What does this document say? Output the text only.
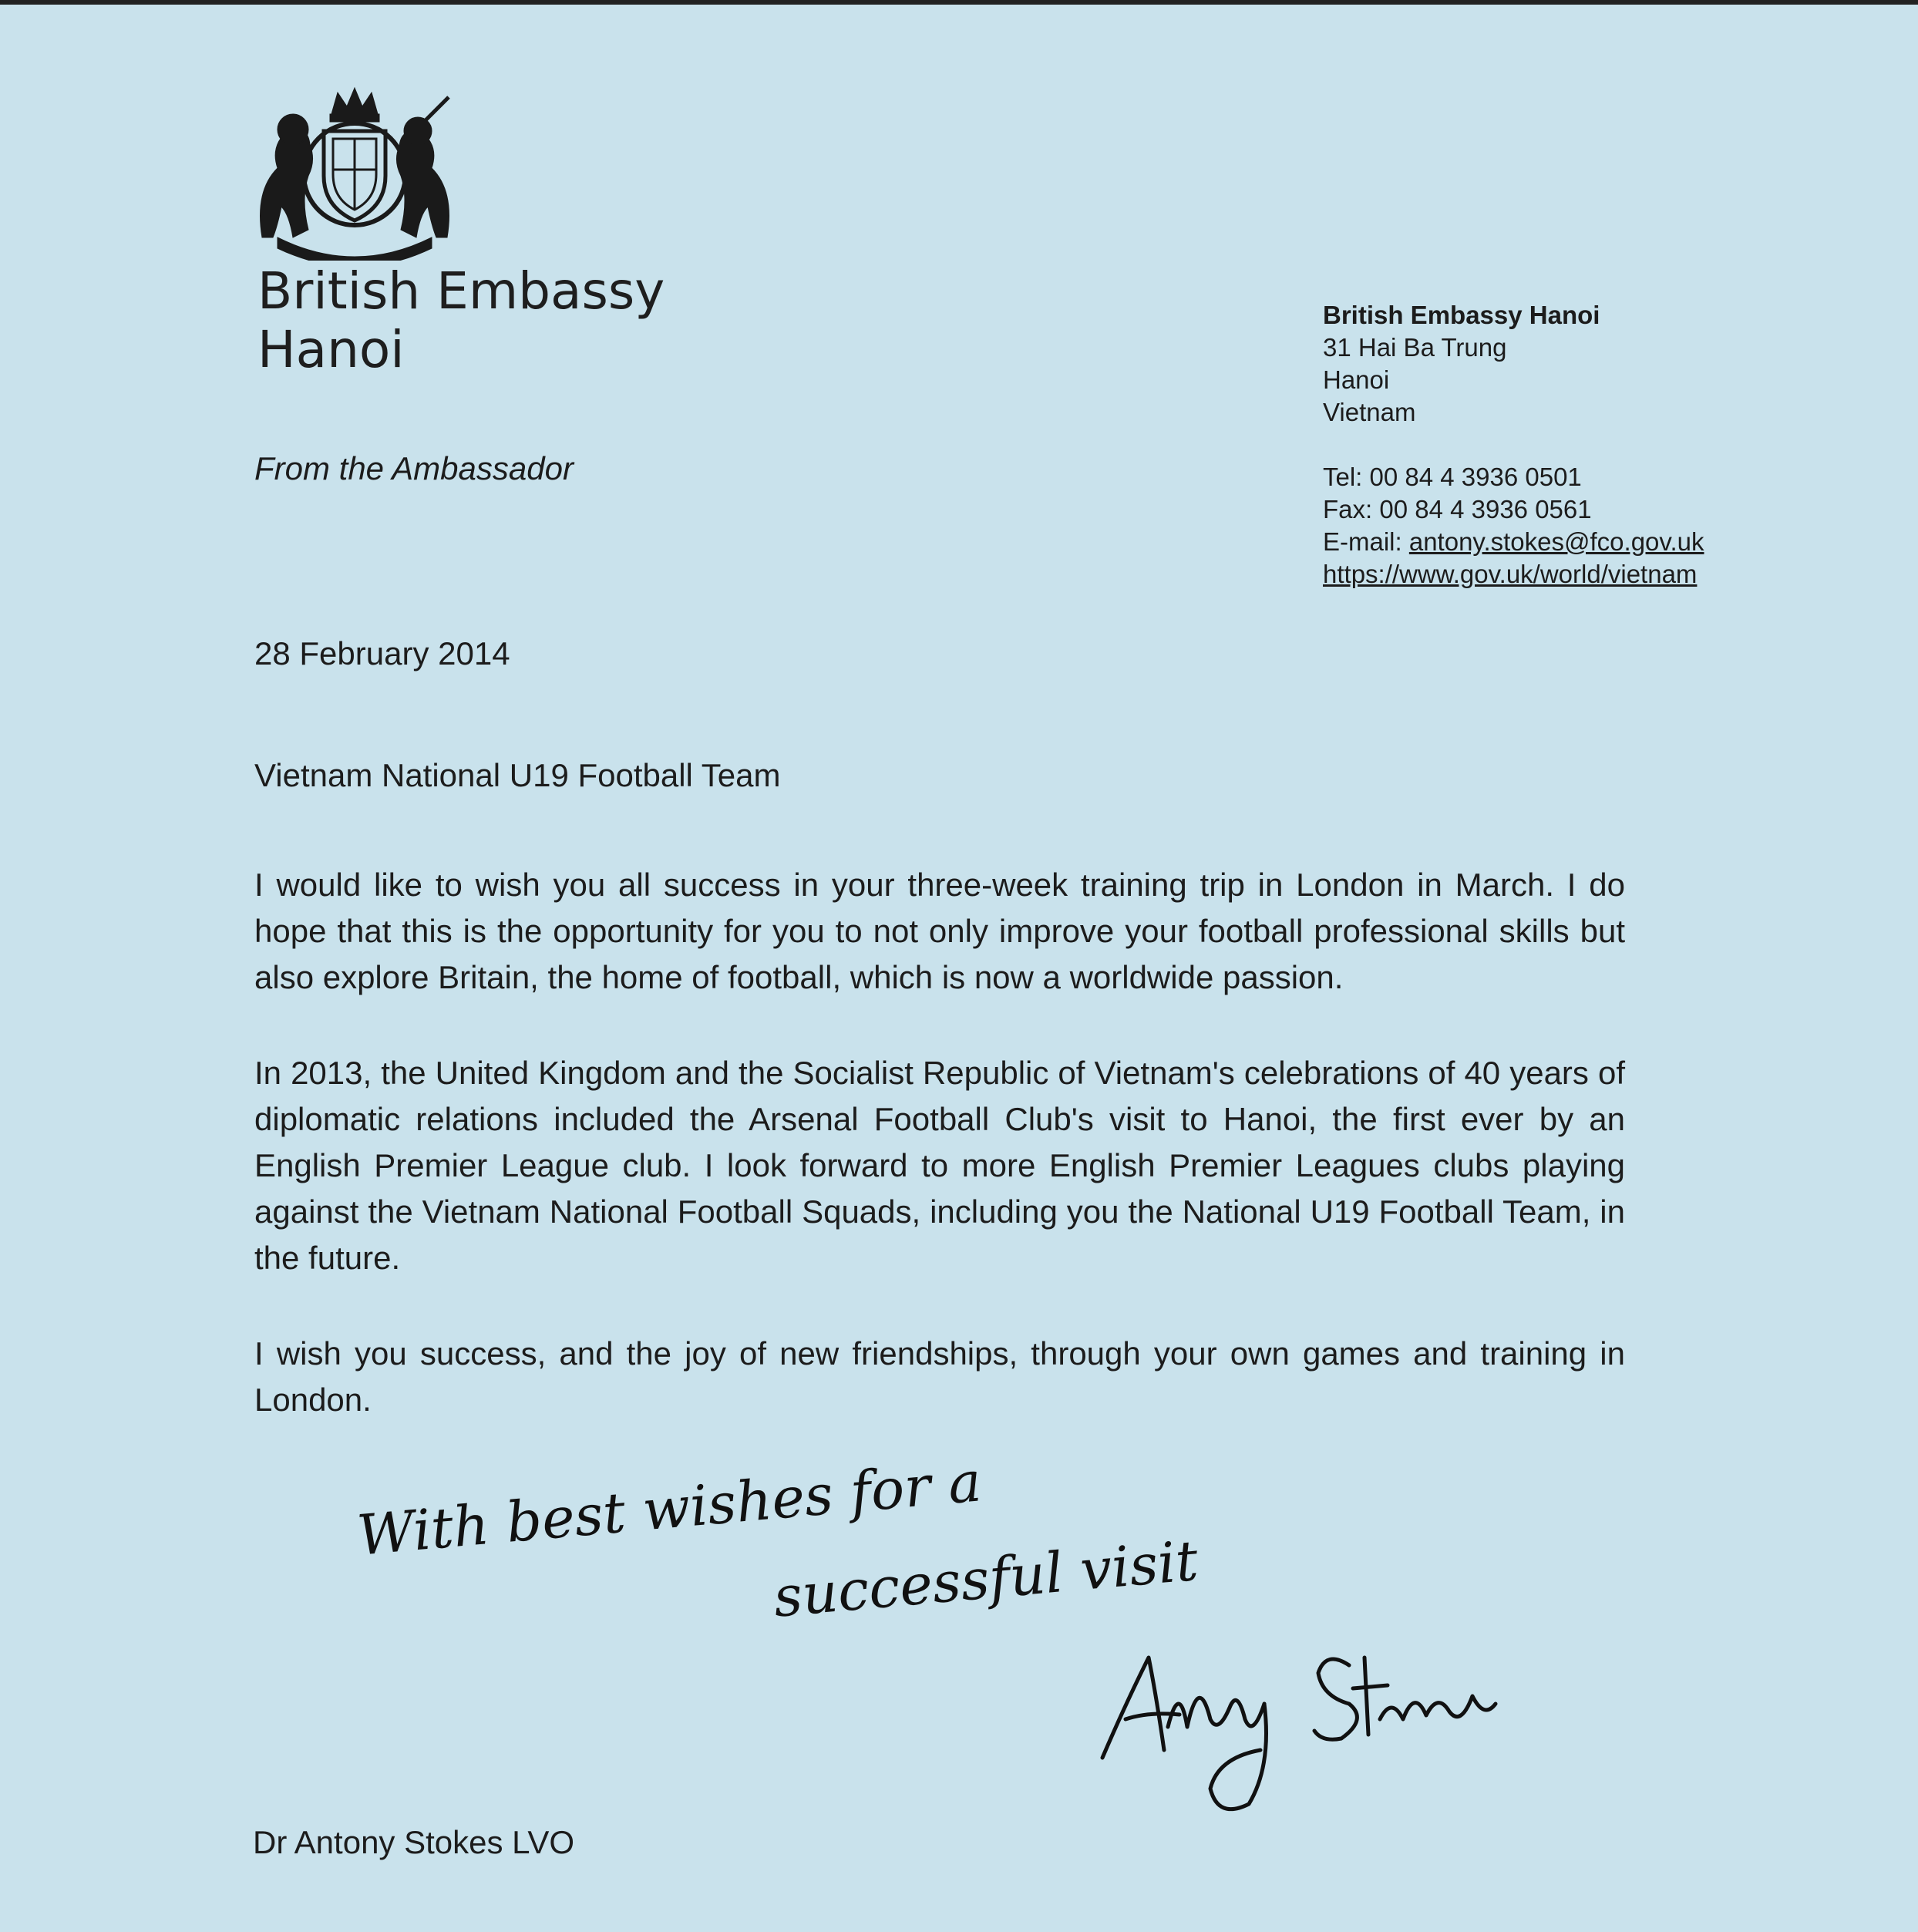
British Embassy
Hanoi
From the Ambassador
British Embassy Hanoi
31 Hai Ba Trung
Hanoi
Vietnam
Tel: 00 84 4 3936 0501
Fax: 00 84 4 3936 0561
E-mail: antony.stokes@fco.gov.uk
https://www.gov.uk/world/vietnam
28 February 2014
Vietnam National U19 Football Team

I would like to wish you all success in your three-week training trip in London in March. I do hope that this is the opportunity for you to not only improve your football professional skills but also explore Britain, the home of football, which is now a worldwide passion.

In 2013, the United Kingdom and the Socialist Republic of Vietnam's celebrations of 40 years of diplomatic relations included the Arsenal Football Club's visit to Hanoi, the first ever by an English Premier League club. I look forward to more English Premier Leagues clubs playing against the Vietnam National Football Squads, including you the National U19 Football Team, in the future.

I wish you success, and the joy of new friendships, through your own games and training in London.

With best wishes for a
successful visit
Dr Antony Stokes LVO
